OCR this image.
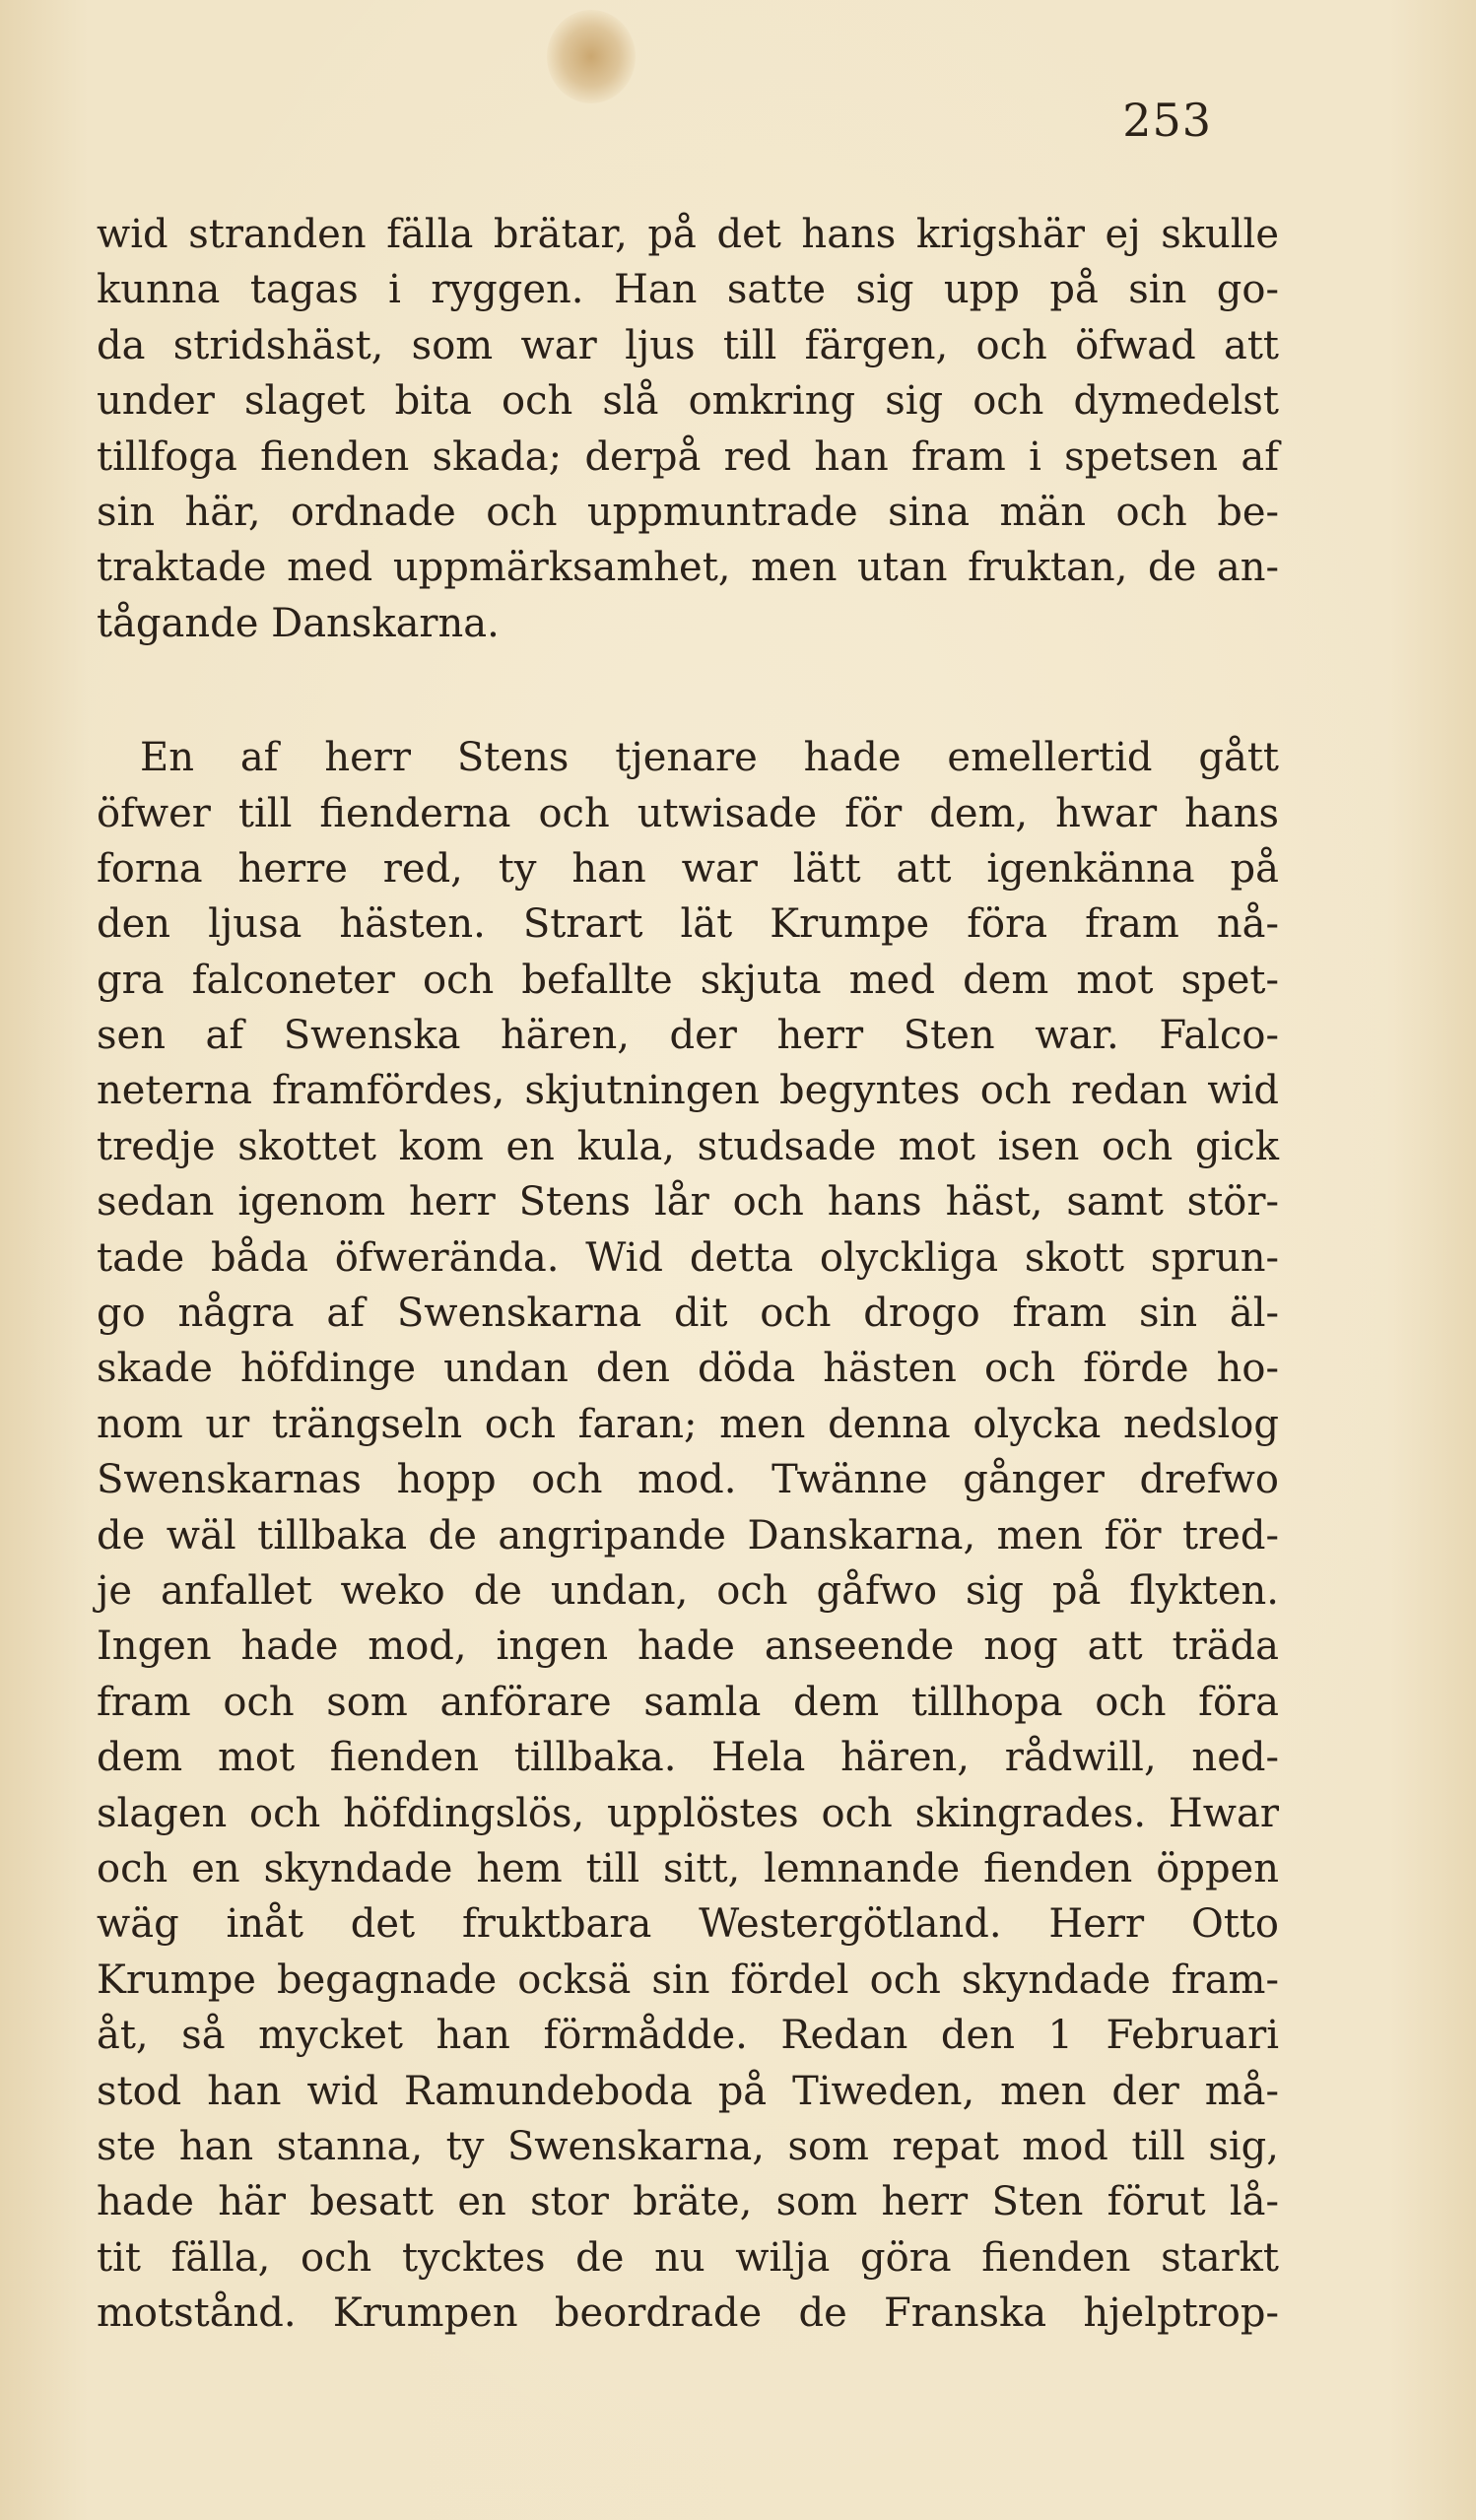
253
wid stranden fälla brätar, på det hans krigshär ej skulle
kunna tagas i ryggen. Han satte sig upp på sin go-
da stridshäst, som war ljus till färgen, och öfwad att
under slaget bita och slå omkring sig och dymedelst
tillfoga fienden skada; derpå red han fram i spetsen af
sin här, ordnade och uppmuntrade sina män och be-
traktade med uppmärksamhet, men utan fruktan, de an-
tågande Danskarna.
En af herr Stens tjenare hade emellertid gått
öfwer till fienderna och utwisade för dem, hwar hans
forna herre red, ty han war lätt att igenkänna på
den ljusa hästen. Strart lät Krumpe föra fram nå-
gra falconeter och befallte skjuta med dem mot spet-
sen af Swenska hären, der herr Sten war. Falco-
neterna framfördes, skjutningen begyntes och redan wid
tredje skottet kom en kula, studsade mot isen och gick
sedan igenom herr Stens lår och hans häst, samt stör-
tade båda öfwerända. Wid detta olyckliga skott sprun-
go några af Swenskarna dit och drogo fram sin äl-
skade höfdinge undan den döda hästen och förde ho-
nom ur trängseln och faran; men denna olycka nedslog
Swenskarnas hopp och mod. Twänne gånger drefwo
de wäl tillbaka de angripande Danskarna, men för tred-
je anfallet weko de undan, och gåfwo sig på flykten.
Ingen hade mod, ingen hade anseende nog att träda
fram och som anförare samla dem tillhopa och föra
dem mot fienden tillbaka. Hela hären, rådwill, ned-
slagen och höfdingslös, upplöstes och skingrades. Hwar
och en skyndade hem till sitt, lemnande fienden öppen
wäg inåt det fruktbara Westergötland. Herr Otto
Krumpe begagnade ocksä sin fördel och skyndade fram-
åt, så mycket han förmådde. Redan den 1 Februari
stod han wid Ramundeboda på Tiweden, men der må-
ste han stanna, ty Swenskarna, som repat mod till sig,
hade här besatt en stor bräte, som herr Sten förut lå-
tit fälla, och tycktes de nu wilja göra fienden starkt
motstånd. Krumpen beordrade de Franska hjelptrop-
